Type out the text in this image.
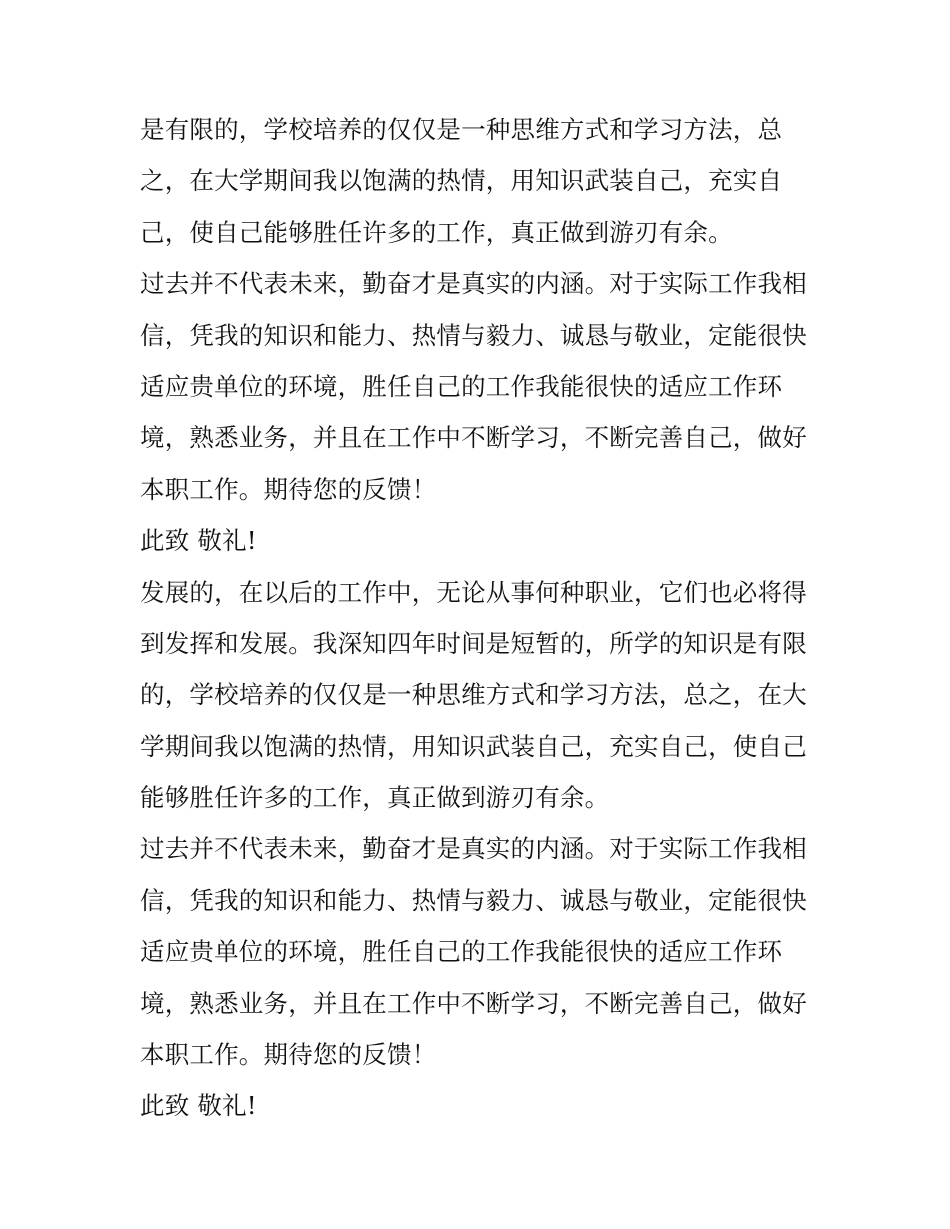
是有限的，学校培养的仅仅是一种思维方式和学习方法，总
之，在大学期间我以饱满的热情，用知识武装自己，充实自
己，使自己能够胜任许多的工作，真正做到游刃有余。
过去并不代表未来，勤奋才是真实的内涵。对于实际工作我相
信，凭我的知识和能力、热情与毅力、诚恳与敬业，定能很快
适应贵单位的环境，胜任自己的工作我能很快的适应工作环
境，熟悉业务，并且在工作中不断学习，不断完善自己，做好
本职工作。期待您的反馈！
此致 敬礼!
发展的，在以后的工作中，无论从事何种职业，它们也必将得
到发挥和发展。我深知四年时间是短暂的，所学的知识是有限
的，学校培养的仅仅是一种思维方式和学习方法，总之，在大
学期间我以饱满的热情，用知识武装自己，充实自己，使自己
能够胜任许多的工作，真正做到游刃有余。
过去并不代表未来，勤奋才是真实的内涵。对于实际工作我相
信，凭我的知识和能力、热情与毅力、诚恳与敬业，定能很快
适应贵单位的环境，胜任自己的工作我能很快的适应工作环
境，熟悉业务，并且在工作中不断学习，不断完善自己，做好
本职工作。期待您的反馈！
此致 敬礼!
